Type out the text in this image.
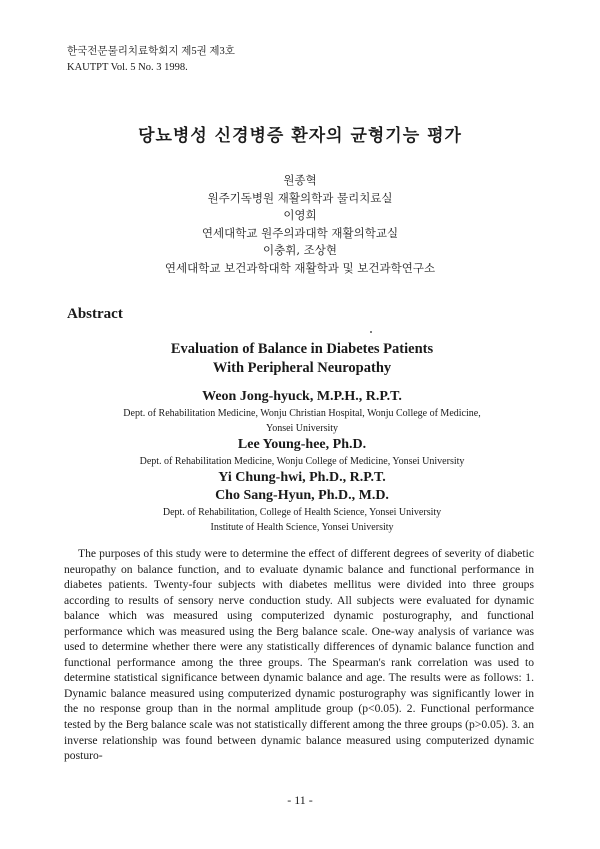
한국전문물리치료학회지 제5권 제3호
KAUTPT Vol. 5 No. 3 1998.
당뇨병성 신경병증 환자의 균형기능 평가
원종혁
원주기독병원 재활의학과 물리치료실
이영희
연세대학교 원주의과대학 재활의학교실
이충휘, 조상현
연세대학교 보건과학대학 재활학과 및 보건과학연구소
Abstract
Evaluation of Balance in Diabetes Patients
With Peripheral Neuropathy
Weon Jong-hyuck, M.P.H., R.P.T.
Dept. of Rehabilitation Medicine, Wonju Christian Hospital, Wonju College of Medicine,
Yonsei University
Lee Young-hee, Ph.D.
Dept. of Rehabilitation Medicine, Wonju College of Medicine, Yonsei University
Yi Chung-hwi, Ph.D., R.P.T.
Cho Sang-Hyun, Ph.D., M.D.
Dept. of Rehabilitation, College of Health Science, Yonsei University
Institute of Health Science, Yonsei University

The purposes of this study were to determine the effect of different degrees of severity of diabetic neuropathy on balance function, and to evaluate dynamic balance and functional performance in diabetes patients. Twenty-four subjects with diabetes mellitus were divided into three groups according to results of sensory nerve conduction study. All subjects were evaluated for dynamic balance which was measured using computerized dynamic posturography, and functional performance which was measured using the Berg balance scale. One-way analysis of variance was used to determine whether there were any statistically differences of dynamic balance function and functional performance among the three groups. The Spearman's rank correlation was used to determine statistical significance between dynamic balance and age. The results were as follows: 1. Dynamic balance measured using computerized dynamic posturography was significantly lower in the no response group than in the normal amplitude group (p<0.05). 2. Functional performance tested by the Berg balance scale was not statistically different among the three groups (p>0.05). 3. an inverse relationship was found between dynamic balance measured using computerized dynamic posturo-

- 11 -
